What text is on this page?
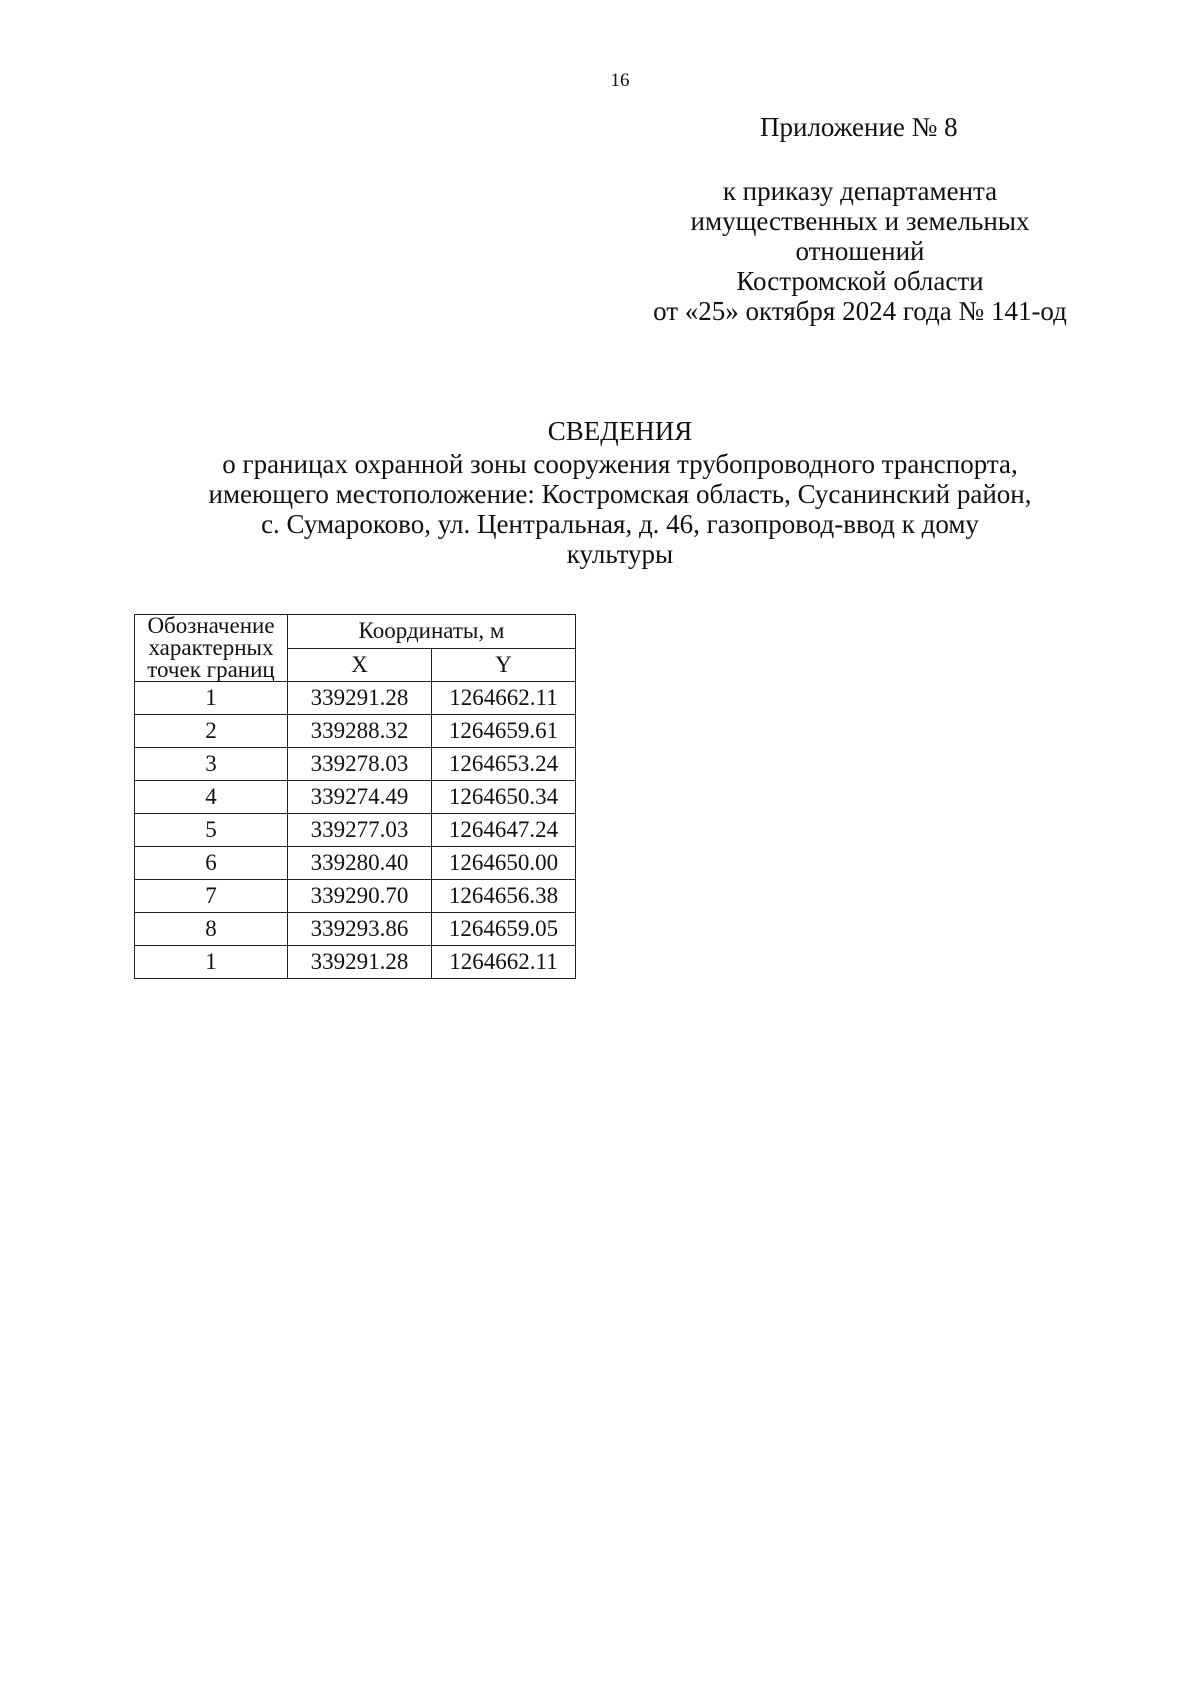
16
Приложение № 8
к приказу департамента
имущественных и земельных
отношений
Костромской области
от «25» октября 2024 года № 141-од
СВЕДЕНИЯ
о границах охранной зоны сооружения трубопроводного транспорта,
имеющего местоположение: Костромская область, Сусанинский район,
с. Сумароково, ул. Центральная, д. 46, газопровод-ввод к дому
культуры
Обозначение
характерных
точек границ	Координаты, м	
	X	Y
1	339291.28	1264662.11
2	339288.32	1264659.61
3	339278.03	1264653.24
4	339274.49	1264650.34
5	339277.03	1264647.24
6	339280.40	1264650.00
7	339290.70	1264656.38
8	339293.86	1264659.05
1	339291.28	1264662.11
